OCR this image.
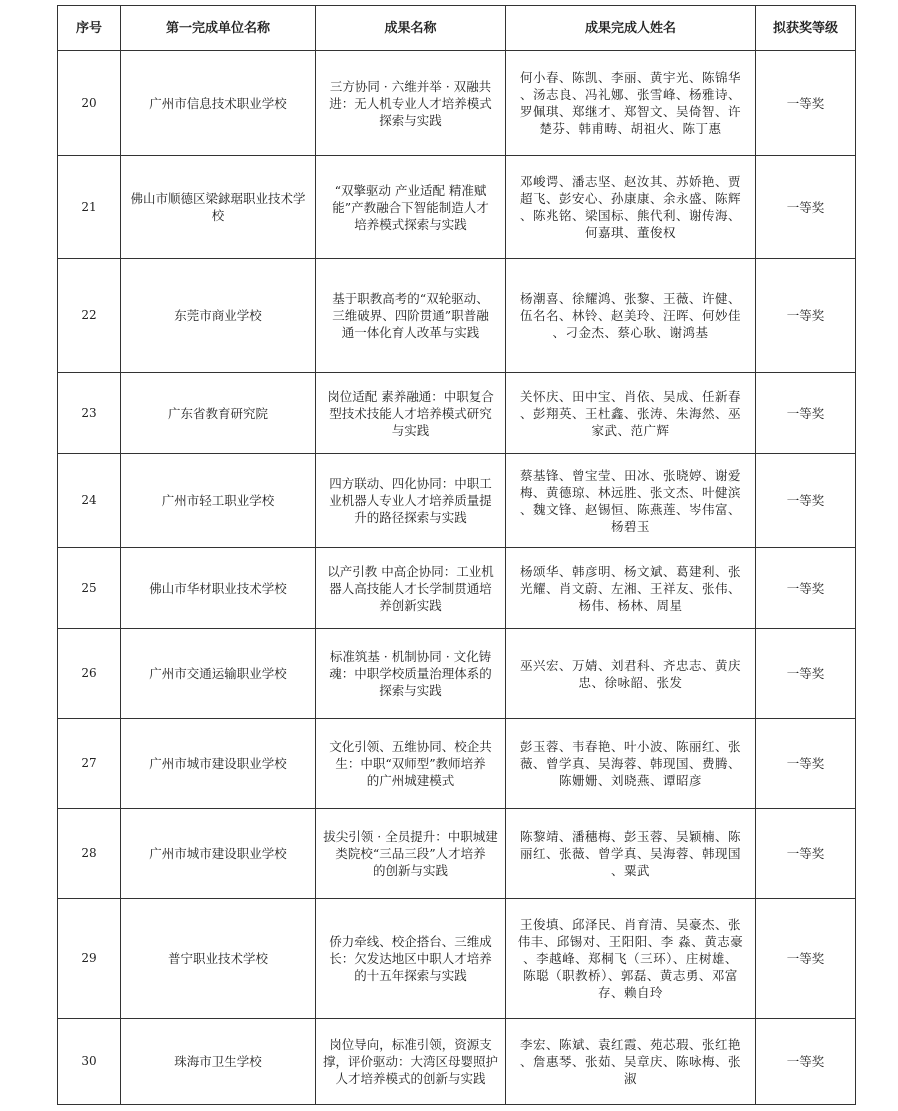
序号	第一完成单位名称	成果名称	成果完成人姓名	拟获奖等级
20	广州市信息技术职业学校	三方协同 · 六维并举 · 双融共
进：无人机专业人才培养模式
探索与实践	何小春、陈凯、李丽、黄宇光、陈锦华
、汤志良、冯礼娜、张雪峰、杨雅诗、
罗佩琪、郑继才、郑智文、吴倚智、许
楚芬、韩甫畴、胡祖火、陈丁惠	一等奖
21	佛山市顺德区梁銶琚职业技术学
校	“双擎驱动 产业适配 精准赋
能”产教融合下智能制造人才
培养模式探索与实践	邓峻谔、潘志坚、赵汝其、苏娇艳、贾
超飞、彭安心、孙康康、余永盛、陈辉
、陈兆铭、梁国标、熊代利、谢传海、
何嘉琪、董俊权	一等奖
22	东莞市商业学校	基于职教高考的“双轮驱动、
三维破界、四阶贯通”职普融
通一体化育人改革与实践	杨潮喜、徐耀鸿、张黎、王薇、许健、
伍名名、林铃、赵美玲、汪晖、何妙佳
、刁金杰、蔡心耿、谢鸿基	一等奖
23	广东省教育研究院	岗位适配 素养融通：中职复合
型技术技能人才培养模式研究
与实践	关怀庆、田中宝、肖依、吴成、任新春
、彭翔英、王杜鑫、张涛、朱海然、巫
家武、范广辉	一等奖
24	广州市轻工职业学校	四方联动、四化协同：中职工
业机器人专业人才培养质量提
升的路径探索与实践	蔡基锋、曾宝莹、田冰、张晓婷、谢爱
梅、黄德琼、林远胜、张文杰、叶健滨
、魏文锋、赵锡恒、陈燕莲、岑伟富、
杨碧玉	一等奖
25	佛山市华材职业技术学校	以产引教 中高企协同：工业机
器人高技能人才长学制贯通培
养创新实践	杨颂华、韩彦明、杨文斌、葛建利、张
光耀、肖文蔚、左湘、王祥友、张伟、
杨伟、杨林、周星	一等奖
26	广州市交通运输职业学校	标准筑基 · 机制协同 · 文化铸
魂：中职学校质量治理体系的
探索与实践	巫兴宏、万婧、刘君科、齐忠志、黄庆
忠、徐咏韶、张发	一等奖
27	广州市城市建设职业学校	文化引领、五维协同、校企共
生：中职“双师型”教师培养
的广州城建模式	彭玉蓉、韦春艳、叶小波、陈丽红、张
薇、曾学真、吴海蓉、韩现国、费腾、
陈姗姗、刘晓燕、谭昭彦	一等奖
28	广州市城市建设职业学校	拔尖引领 · 全员提升：中职城建
类院校“三品三段”人才培养
的创新与实践	陈黎靖、潘穗梅、彭玉蓉、吴颖楠、陈
丽红、张薇、曾学真、吴海蓉、韩现国
、粟武	一等奖
29	普宁职业技术学校	侨力牵线、校企搭台、三维成
长：欠发达地区中职人才培养
的十五年探索与实践	王俊填、邱泽民、肖育清、吴豪杰、张
伟丰、邱锡对、王阳阳、李 淼、黄志豪
、李越峰、郑桐飞（三环）、庄树雄、
陈聪（职教桥）、郭磊、黄志勇、邓富
存、赖自玲	一等奖
30	珠海市卫生学校	岗位导向，标准引领，资源支
撑，评价驱动：大湾区母婴照护
人才培养模式的创新与实践	李宏、陈斌、袁红霞、苑芯瑕、张红艳
、詹惠琴、张茹、吴章庆、陈咏梅、张
淑	一等奖
